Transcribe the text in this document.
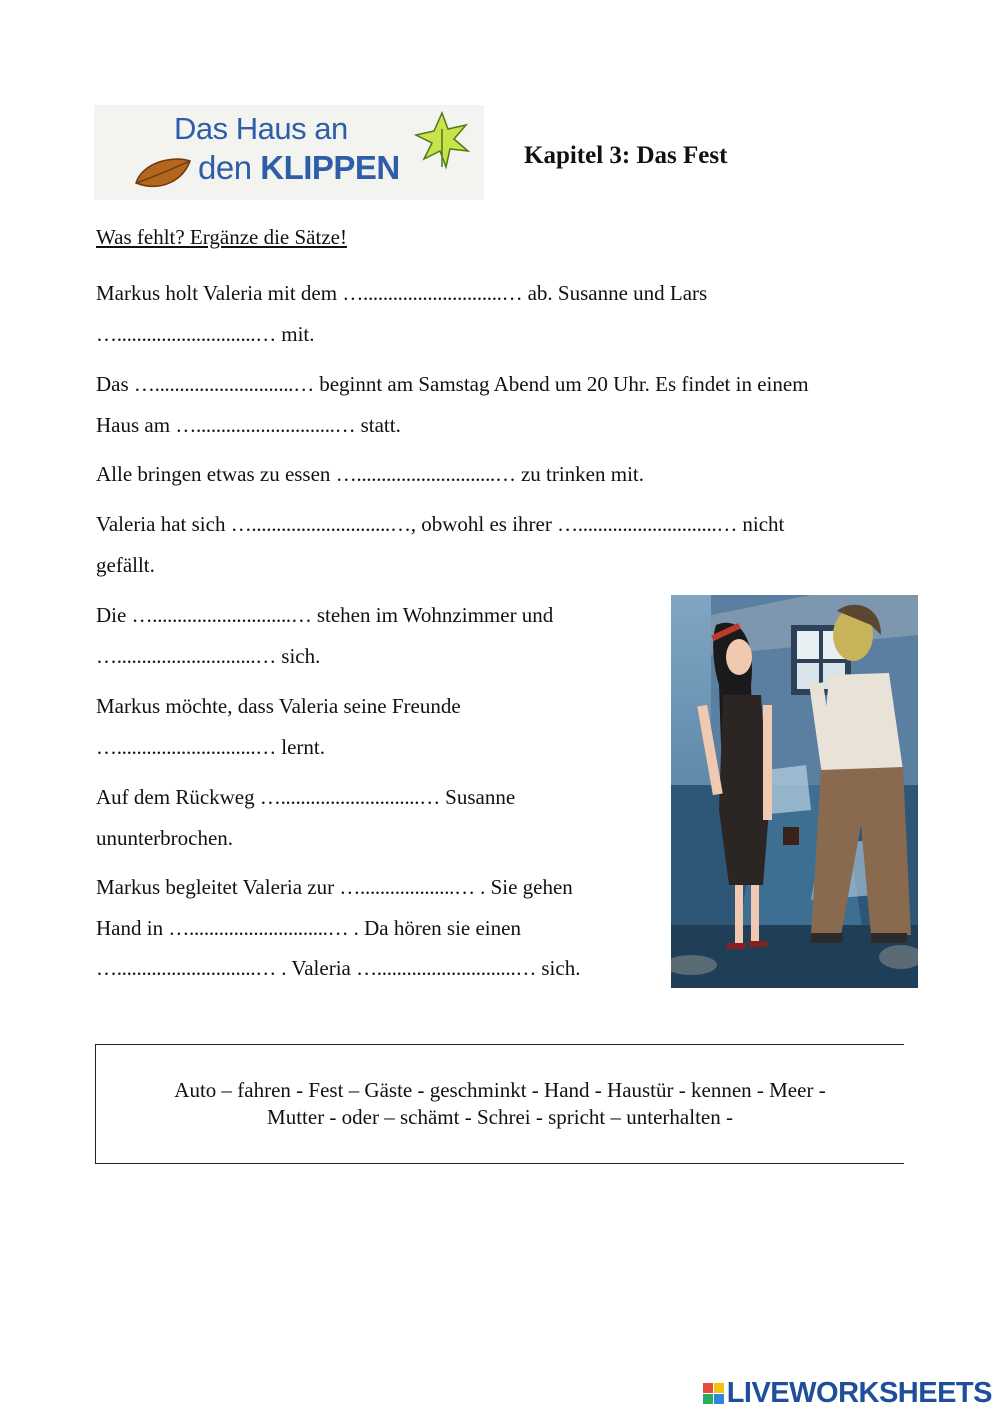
Das Haus an
den KLIPPEN	Kapitel 3: Das Fest
Was fehlt? Ergänze die Sätze!

Markus holt Valeria mit dem …............................… ab. Susanne und Lars
…............................… mit.

Das …............................… beginnt am Samstag Abend um 20 Uhr. Es findet in einem
Haus am …............................… statt.

Alle bringen etwas zu essen …............................… zu trinken mit.

Valeria hat sich …............................…, obwohl es ihrer …............................… nicht
gefällt.

Die …............................… stehen im Wohnzimmer und
…............................… sich.

Markus möchte, dass Valeria seine Freunde
…............................… lernt.

Auf dem Rückweg …............................… Susanne
ununterbrochen.

Markus begleitet Valeria zur …...................… . Sie gehen
Hand in …............................… . Da hören sie einen
…............................… . Valeria …............................… sich.

Auto – fahren - Fest – Gäste - geschminkt - Hand - Haustür - kennen - Meer -

Mutter - oder – schämt - Schrei - spricht – unterhalten -

LIVEWORKSHEETS
